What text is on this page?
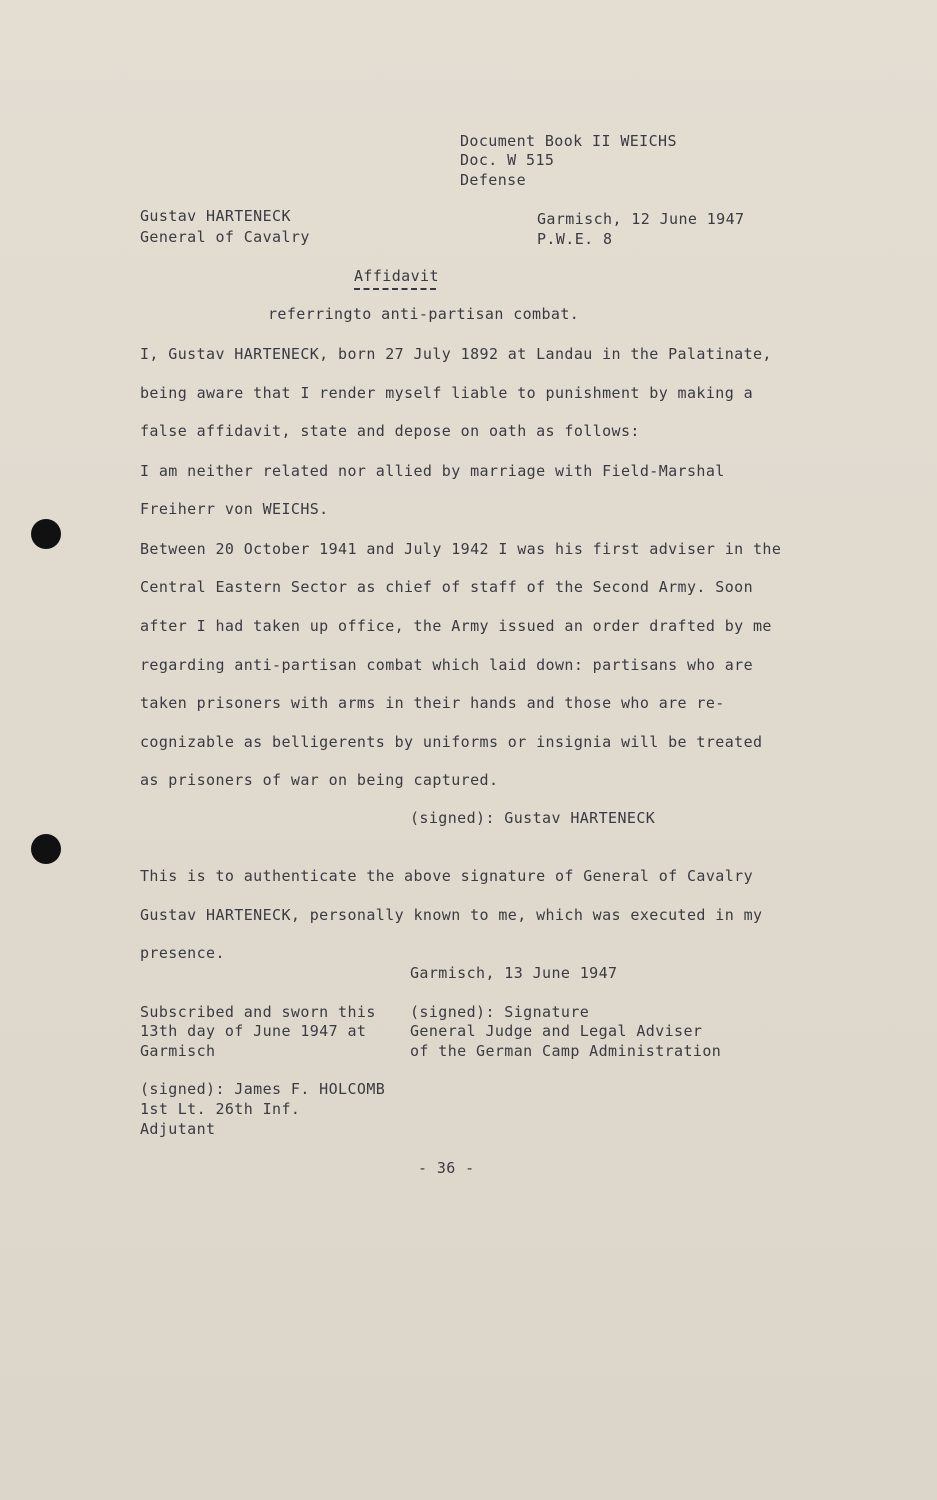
Document Book II WEICHS
Doc. W 515
Defense
Gustav HARTENECK
General of Cavalry
Garmisch, 12 June 1947
P.W.E. 8
Affidavit
referringto anti-partisan combat.
I, Gustav HARTENECK, born 27 July 1892 at Landau in the Palatinate,
being aware that I render myself liable to punishment by making a
false affidavit, state and depose on oath as follows:
I am neither related nor allied by marriage with Field-Marshal
Freiherr von WEICHS.
Between 20 October 1941 and July 1942 I was his first adviser in the
Central Eastern Sector as chief of staff of the Second Army. Soon
after I had taken up office, the Army issued an order drafted by me
regarding anti-partisan combat which laid down: partisans who are
taken prisoners with arms in their hands and those who are re-
cognizable as belligerents by uniforms or insignia will be treated
as prisoners of war on being captured.
(signed): Gustav HARTENECK
This is to authenticate the above signature of General of Cavalry
Gustav HARTENECK, personally known to me, which was executed in my
presence.
Garmisch, 13 June 1947
Subscribed and sworn this
13th day of June 1947 at
Garmisch
(signed): Signature
General Judge and Legal Adviser
of the German Camp Administration
(signed): James F. HOLCOMB
1st Lt. 26th Inf.
Adjutant
- 36 -
